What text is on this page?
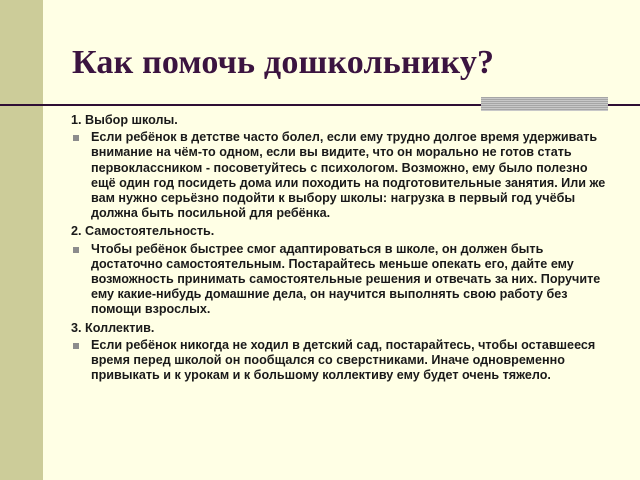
Как помочь дошкольнику?

1. Выбор школы.

Если ребёнок в детстве часто болел, если ему трудно долгое время удерживать внимание на чём-то одном, если вы видите, что он морально не готов стать первоклассником - посоветуйтесь с психологом. Возможно, ему было полезно ещё один год посидеть дома или походить на подготовительные занятия. Или же вам нужно серьёзно подойти к выбору школы: нагрузка в первый год учёбы должна быть посильной для ребёнка.

2. Самостоятельность.

Чтобы ребёнок быстрее смог адаптироваться в школе, он должен быть достаточно самостоятельным. Постарайтесь меньше опекать его, дайте ему возможность принимать самостоятельные решения и отвечать за них. Поручите ему какие-нибудь домашние дела, он научится выполнять свою работу без помощи взрослых.

3. Коллектив.

Если ребёнок никогда не ходил в детский сад, постарайтесь, чтобы оставшееся время перед школой он пообщался со сверстниками. Иначе одновременно привыкать и к урокам и к большому коллективу ему будет очень тяжело.
